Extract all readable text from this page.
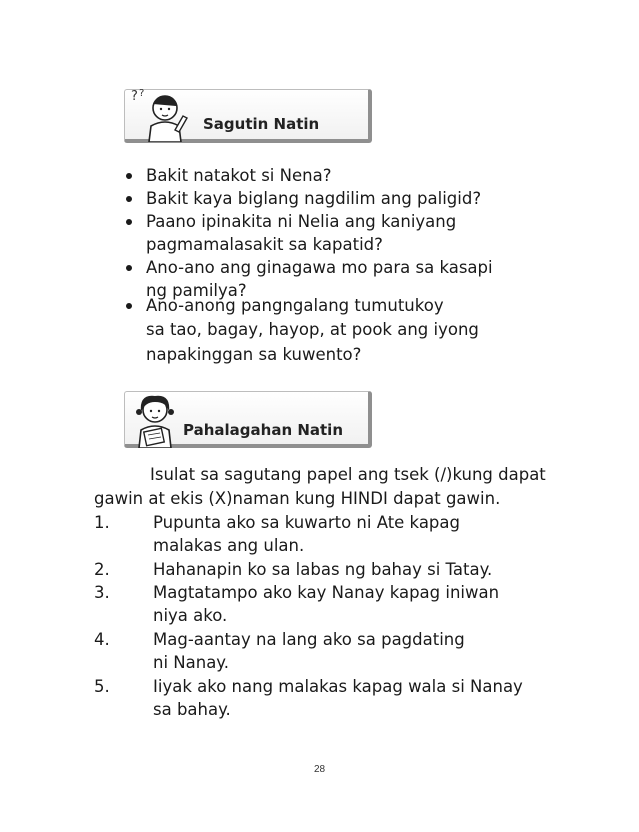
? ?
Sagutin Natin
Bakit natakot si Nena?
Bakit kaya biglang nagdilim ang paligid?
Paano ipinakita ni Nelia ang kaniyang
pagmamalasakit sa kapatid?
Ano-ano ang ginagawa mo para sa kasapi
ng pamilya?
Ano-anong pangngalang tumutukoy
sa tao, bagay, hayop, at pook ang iyong
napakinggan sa kuwento?
Pahalagahan Natin
Isulat sa sagutang papel ang tsek (/)kung dapat
gawin at ekis (X)naman kung HINDI dapat gawin.
1.	Pupunta ako sa kuwarto ni Ate kapag
malakas ang ulan.
2.	Hahanapin ko sa labas ng bahay si Tatay.
3.	Magtatampo ako kay Nanay kapag iniwan
niya ako.
4.	Mag-aantay na lang ako sa pagdating
ni Nanay.
5.	Iiyak ako nang malakas kapag wala si Nanay
sa bahay.
28
